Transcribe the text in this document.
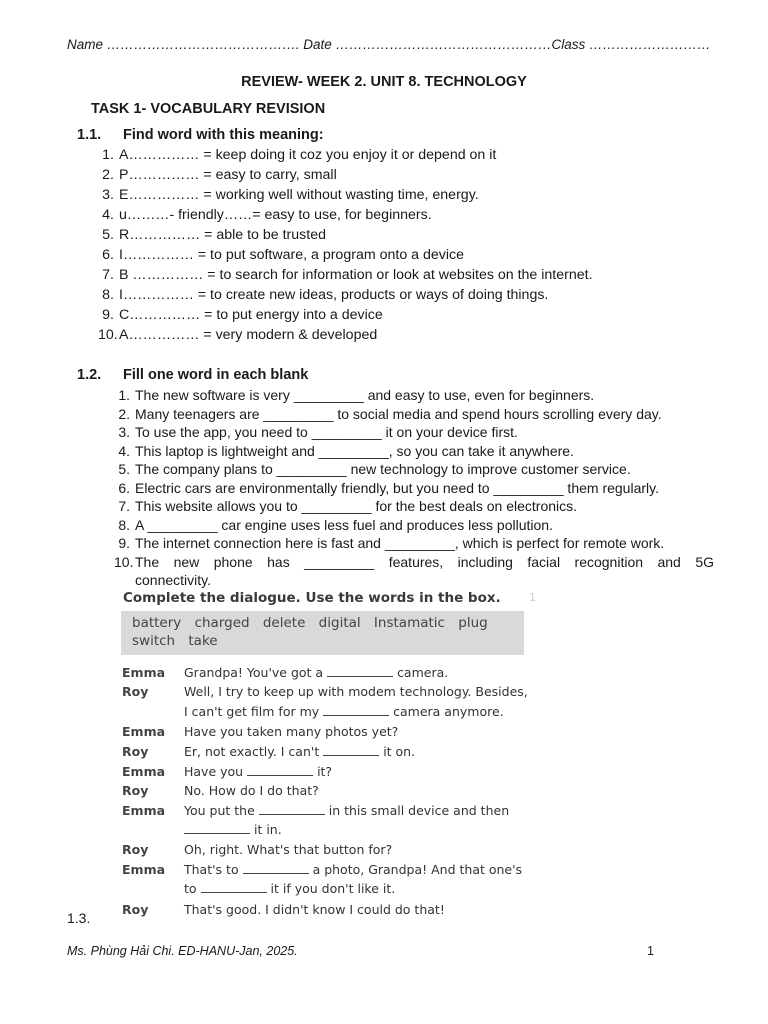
Name ……………………………………. Date …………………………………………Class ………………………
REVIEW- WEEK 2. UNIT 8. TECHNOLOGY
TASK 1- VOCABULARY REVISION
1.1. Find word with this meaning:
1. A…………… = keep doing it coz you enjoy it or depend on it
2. P…………… = easy to carry, small
3. E…………… = working well without wasting time, energy.
4. u………- friendly……= easy to use, for beginners.
5. R…………… = able to be trusted
6. I…………… = to put software, a program onto a device
7. B …………… = to search for information or look at websites on the internet.
8. I…………… = to create new ideas, products or ways of doing things.
9. C…………… = to put energy into a device
10. A…………… = very modern & developed
1.2. Fill one word in each blank
1. The new software is very _________ and easy to use, even for beginners.
2. Many teenagers are _________ to social media and spend hours scrolling every day.
3. To use the app, you need to _________ it on your device first.
4. This laptop is lightweight and _________, so you can take it anywhere.
5. The company plans to _________ new technology to improve customer service.
6. Electric cars are environmentally friendly, but you need to _________ them regularly.
7. This website allows you to _________ for the best deals on electronics.
8. A _________ car engine uses less fuel and produces less pollution.
9. The internet connection here is fast and _________, which is perfect for remote work.
10. The new phone has _________ features, including facial recognition and 5G
connectivity.
1
Complete the dialogue. Use the words in the box.
battery charged delete digital Instamatic plug
switch take
Emma Grandpa! You've got a	camera.
Roy	Well, I try to keep up with modem technology. Besides,
I can't get film for my	camera anymore.
Emma Have you taken many photos yet?
Roy	Er, not exactly. I can't	it on.
Emma Have you	it?
Roy	No. How do I do that?
Emma You put the	in this small device and then
it in.
Roy	Oh, right. What's that button for?
Emma That's to	a photo, Grandpa! And that one's
to	it if you don't like it.
Roy	That's good. I didn't know I could do that!
1.3.
Ms. Phùng Hải Chi. ED-HANU-Jan, 2025.	1
